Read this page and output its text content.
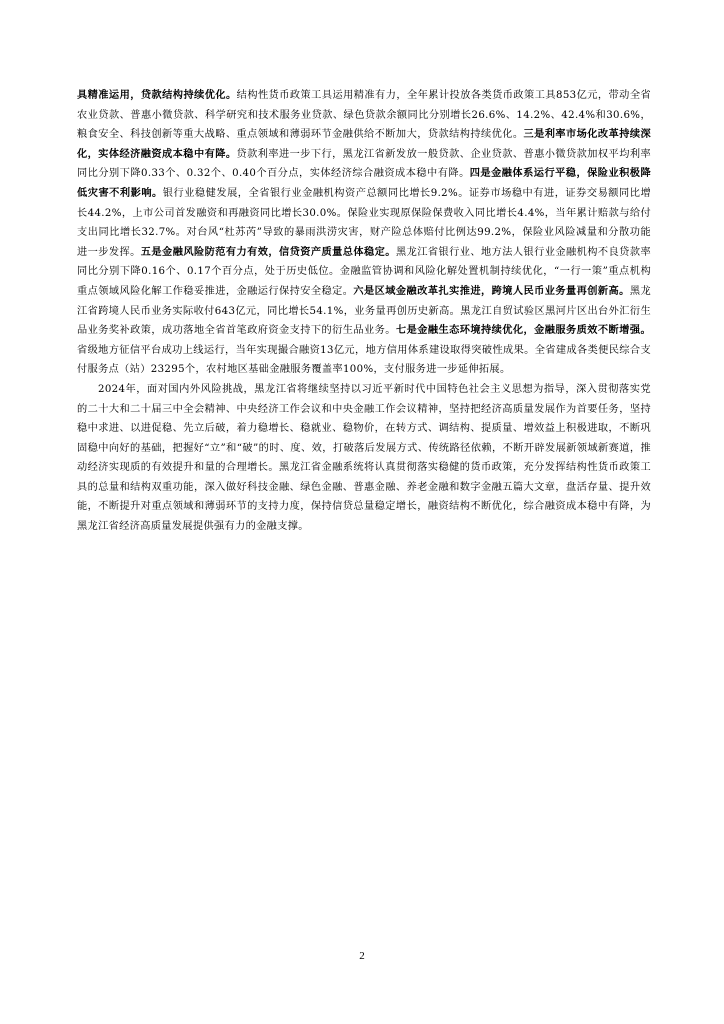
具精准运用，贷款结构持续优化。结构性货币政策工具运用精准有力，全年累计投放各类货币政策工具853亿元，带动全省农业贷款、普惠小微贷款、科学研究和技术服务业贷款、绿色贷款余额同比分别增长26.6%、14.2%、42.4%和30.6%，粮食安全、科技创新等重大战略、重点领域和薄弱环节金融供给不断加大，贷款结构持续优化。三是利率市场化改革持续深化，实体经济融资成本稳中有降。贷款利率进一步下行，黑龙江省新发放一般贷款、企业贷款、普惠小微贷款加权平均利率同比分别下降0.33个、0.32个、0.40个百分点，实体经济综合融资成本稳中有降。四是金融体系运行平稳，保险业积极降低灾害不利影响。银行业稳健发展，全省银行业金融机构资产总额同比增长9.2%。证券市场稳中有进，证券交易额同比增长44.2%，上市公司首发融资和再融资同比增长30.0%。保险业实现原保险保费收入同比增长4.4%，当年累计赔款与给付支出同比增长32.7%。对台风“杜苏芮”导致的暴雨洪涝灾害，财产险总体赔付比例达99.2%，保险业风险减量和分散功能进一步发挥。五是金融风险防范有力有效，信贷资产质量总体稳定。黑龙江省银行业、地方法人银行业金融机构不良贷款率同比分别下降0.16个、0.17个百分点，处于历史低位。金融监管协调和风险化解处置机制持续优化，“一行一策”重点机构重点领域风险化解工作稳妥推进，金融运行保持安全稳定。六是区域金融改革扎实推进，跨境人民币业务量再创新高。黑龙江省跨境人民币业务实际收付643亿元，同比增长54.1%，业务量再创历史新高。黑龙江自贸试验区黑河片区出台外汇衍生品业务奖补政策，成功落地全省首笔政府资金支持下的衍生品业务。七是金融生态环境持续优化，金融服务质效不断增强。省级地方征信平台成功上线运行，当年实现撮合融资13亿元，地方信用体系建设取得突破性成果。全省建成各类便民综合支付服务点（站）23295个，农村地区基础金融服务覆盖率100%，支付服务进一步延伸拓展。

2024年，面对国内外风险挑战，黑龙江省将继续坚持以习近平新时代中国特色社会主义思想为指导，深入贯彻落实党的二十大和二十届三中全会精神、中央经济工作会议和中央金融工作会议精神，坚持把经济高质量发展作为首要任务，坚持稳中求进、以进促稳、先立后破，着力稳增长、稳就业、稳物价，在转方式、调结构、提质量、增效益上积极进取，不断巩固稳中向好的基础，把握好“立”和“破”的时、度、效，打破落后发展方式、传统路径依赖，不断开辟发展新领域新赛道，推动经济实现质的有效提升和量的合理增长。黑龙江省金融系统将认真贯彻落实稳健的货币政策，充分发挥结构性货币政策工具的总量和结构双重功能，深入做好科技金融、绿色金融、普惠金融、养老金融和数字金融五篇大文章，盘活存量、提升效能，不断提升对重点领域和薄弱环节的支持力度，保持信贷总量稳定增长，融资结构不断优化，综合融资成本稳中有降，为黑龙江省经济高质量发展提供强有力的金融支撑。

2
